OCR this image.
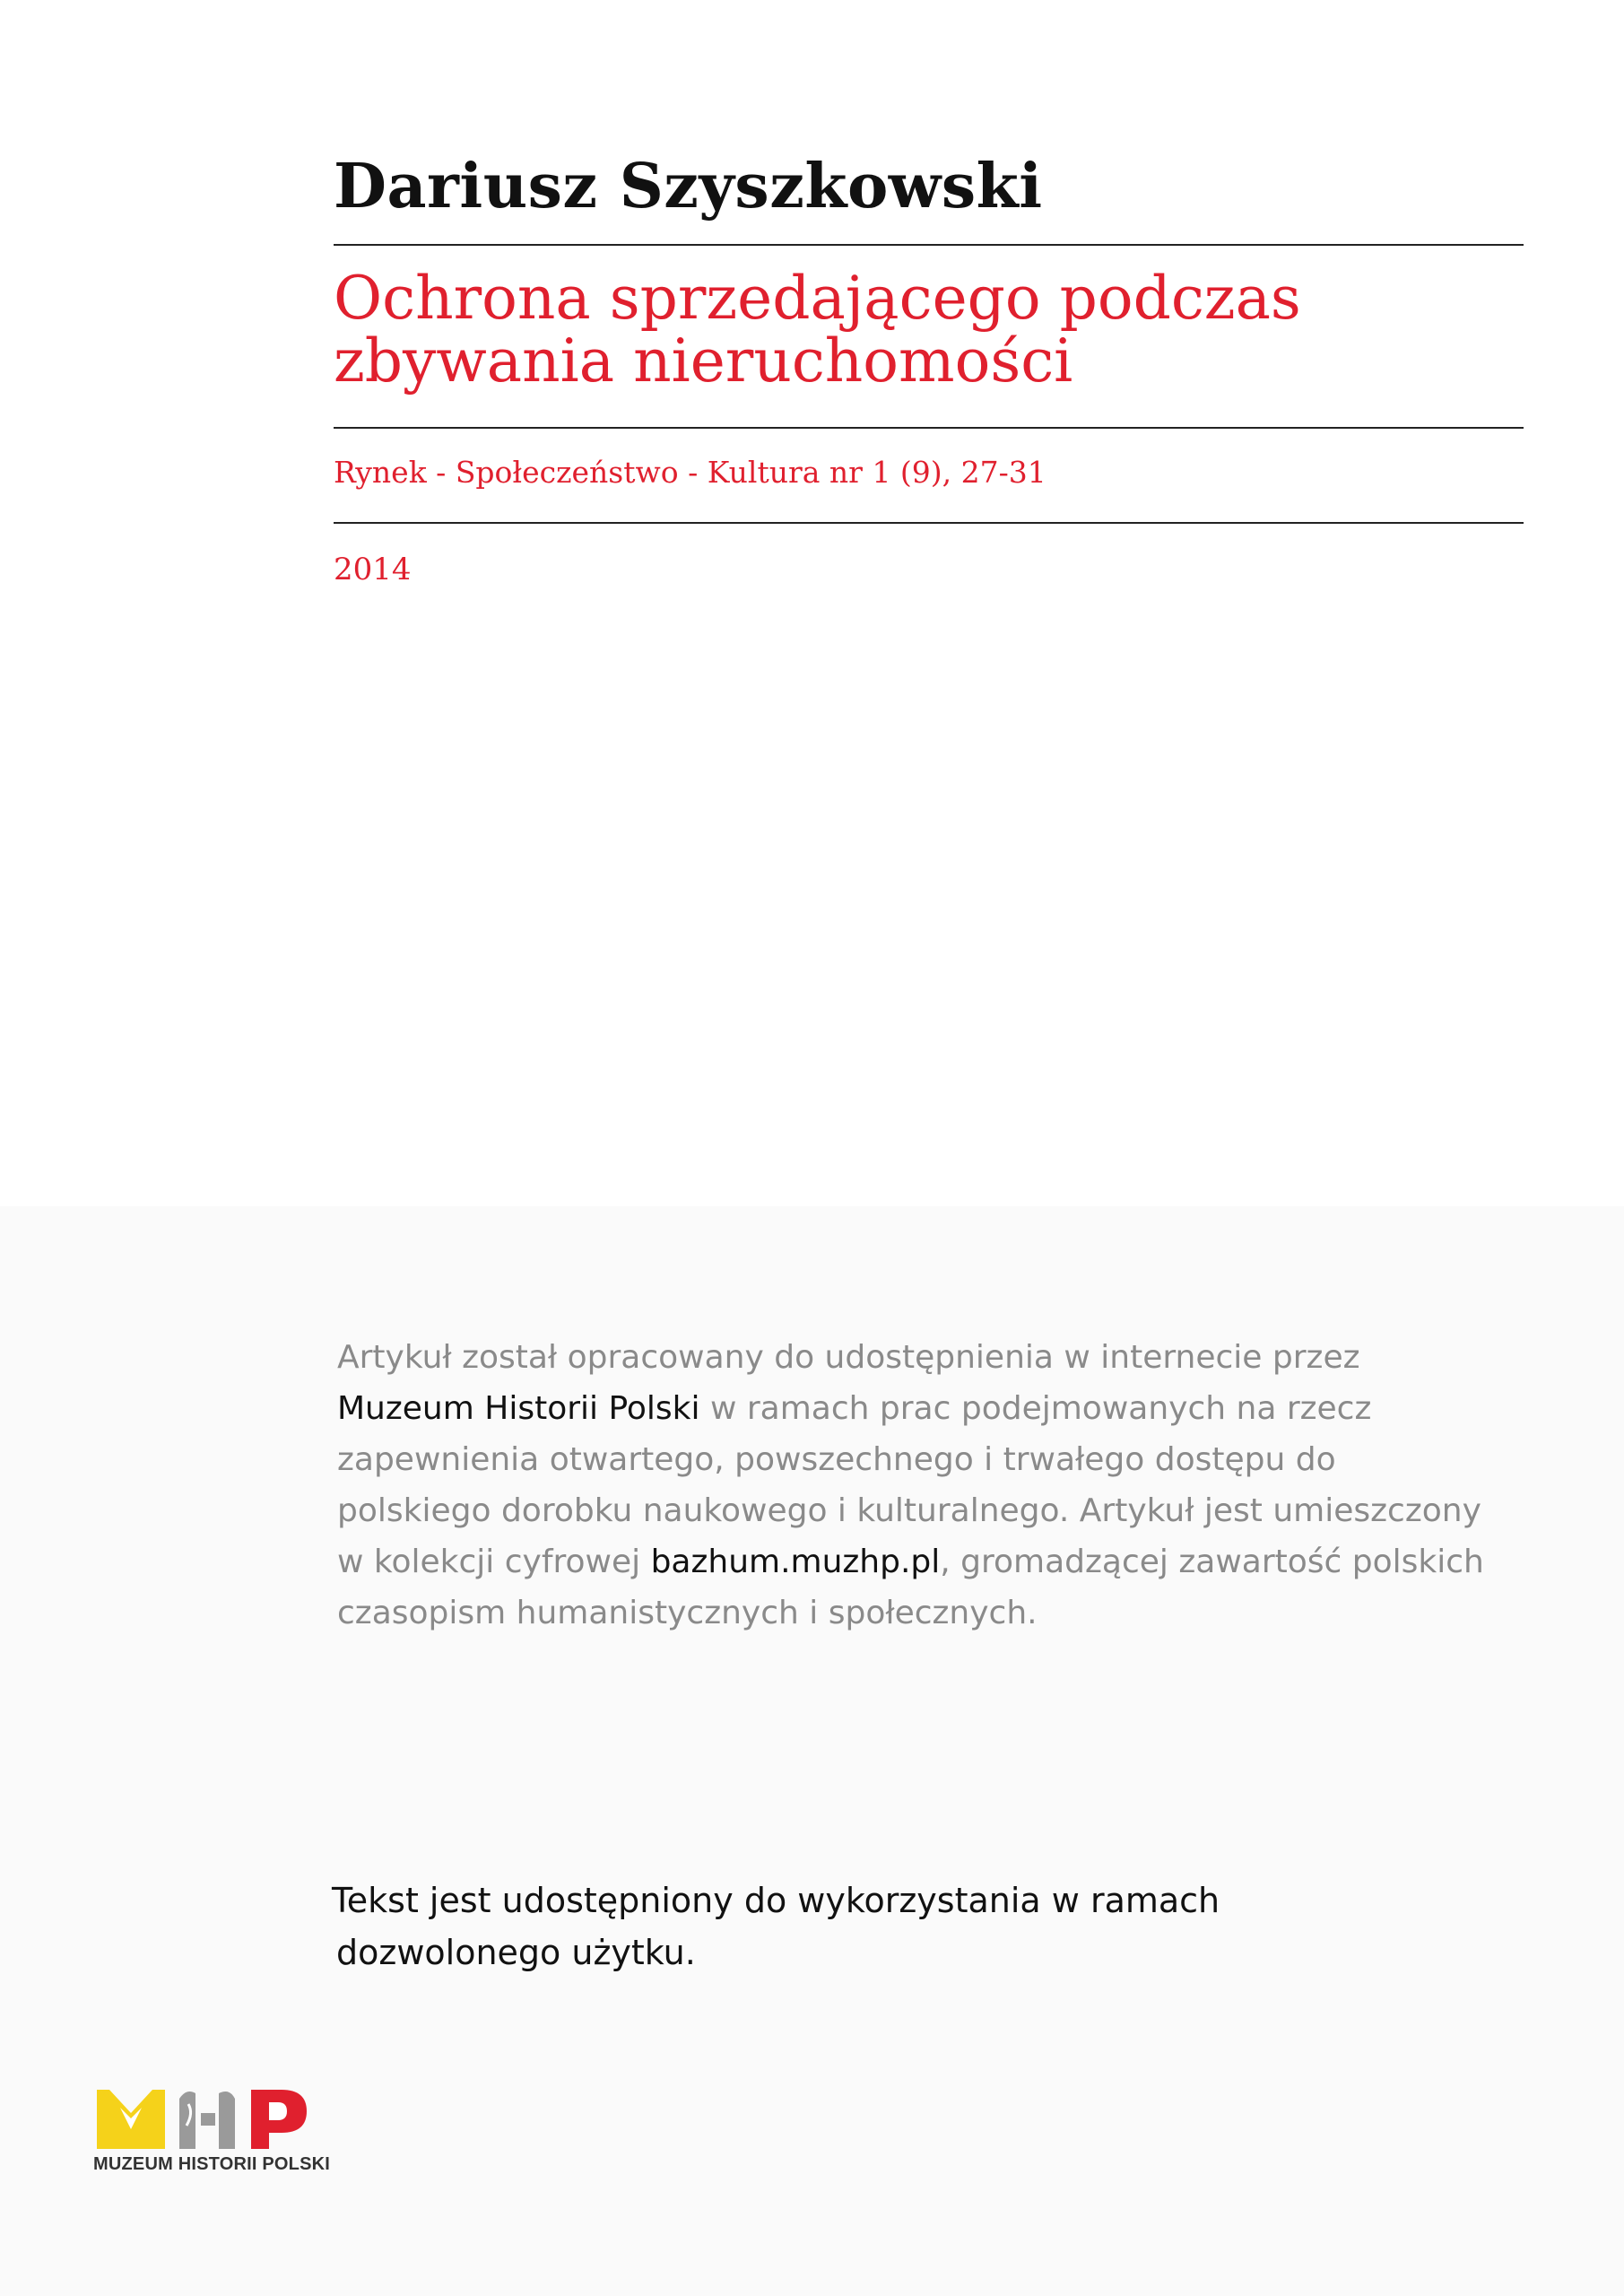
Dariusz Szyszkowski
Ochrona sprzedającego podczas
zbywania nieruchomości
Rynek - Społeczeństwo - Kultura nr 1 (9), 27-31
2014
Artykuł został opracowany do udostępnienia w internecie przez
Muzeum Historii Polski w ramach prac podejmowanych na rzecz
zapewnienia otwartego, powszechnego i trwałego dostępu do
polskiego dorobku naukowego i kulturalnego. Artykuł jest umieszczony
w kolekcji cyfrowej bazhum.muzhp.pl, gromadzącej zawartość polskich
czasopism humanistycznych i społecznych.
Tekst jest udostępniony do wykorzystania w ramach
dozwolonego użytku.
MUZEUM HISTORII POLSKI
